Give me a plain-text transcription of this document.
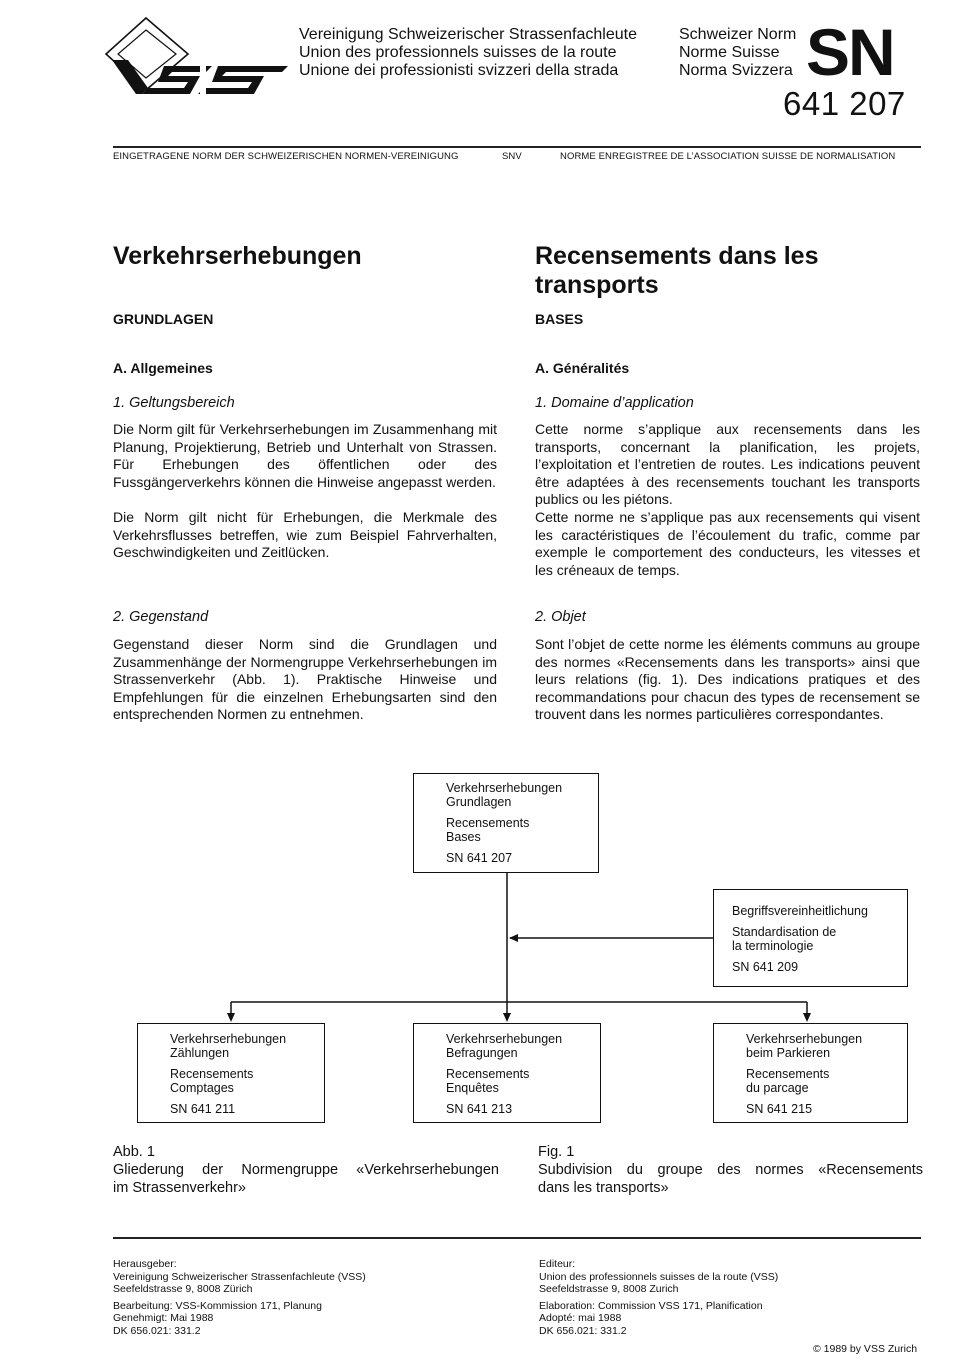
Vereinigung Schweizerischer Strassenfachleute
Union des professionnels suisses de la route
Unione dei professionisti svizzeri della strada
Schweizer Norm
Norme Suisse
Norma Svizzera SN
641 207
EINGETRAGENE NORM DER SCHWEIZERISCHEN NORMEN-VEREINIGUNG	SNV	NORME ENREGISTREE DE L’ASSOCIATION SUISSE DE NORMALISATION
Verkehrserhebungen
GRUNDLAGEN
A. Allgemeines
1. Geltungsbereich
Die Norm gilt für Verkehrserhebungen im Zusammenhang mit Planung, Projektierung, Betrieb und Unterhalt von Strassen. Für Erhebungen des öffentlichen oder des Fussgängerverkehrs können die Hinweise angepasst werden.
Die Norm gilt nicht für Erhebungen, die Merkmale des Verkehrsflusses betreffen, wie zum Beispiel Fahrverhalten, Geschwindigkeiten und Zeitlücken.
2. Gegenstand
Gegenstand dieser Norm sind die Grundlagen und Zusammenhänge der Normengruppe Verkehrserhebungen im Strassenverkehr (Abb. 1). Praktische Hinweise und Empfehlungen für die einzelnen Erhebungsarten sind den entsprechenden Normen zu entnehmen.
Recensements dans les
transports
BASES
A. Généralités
1. Domaine d’application
Cette norme s’applique aux recensements dans les transports, concernant la planification, les projets, l’exploitation et l’entretien de routes. Les indications peuvent être adaptées à des recensements touchant les transports publics ou les piétons.
Cette norme ne s’applique pas aux recensements qui visent les caractéristiques de l’écoulement du trafic, comme par exemple le comportement des conducteurs, les vitesses et les créneaux de temps.
2. Objet
Sont l’objet de cette norme les éléments communs au groupe des normes «Recensements dans les transports» ainsi que leurs relations (fig. 1). Des indications pratiques et des recommandations pour chacun des types de recensement se trouvent dans les normes particulières correspondantes.
Verkehrserhebungen
Grundlagen
Recensements
Bases
SN 641 207
Begriffsvereinheitlichung
Standardisation de
la terminologie
SN 641 209
Verkehrserhebungen
Zählungen
Recensements
Comptages
SN 641 211
Verkehrserhebungen
Befragungen
Recensements
Enquêtes
SN 641 213
Verkehrserhebungen
beim Parkieren
Recensements
du parcage
SN 641 215
Abb. 1
Gliederung der Normengruppe «Verkehrserhebungen
im Strassenverkehr»
Fig. 1
Subdivision du groupe des normes «Recensements
dans les transports»
Herausgeber:
Vereinigung Schweizerischer Strassenfachleute (VSS)
Seefeldstrasse 9, 8008 Zürich
Bearbeitung: VSS-Kommission 171, Planung
Genehmigt: Mai 1988
DK 656.021: 331.2
Editeur:
Union des professionnels suisses de la route (VSS)
Seefeldstrasse 9, 8008 Zurich
Elaboration: Commission VSS 171, Planification
Adopté: mai 1988
DK 656.021: 331.2
© 1989 by VSS Zurich
